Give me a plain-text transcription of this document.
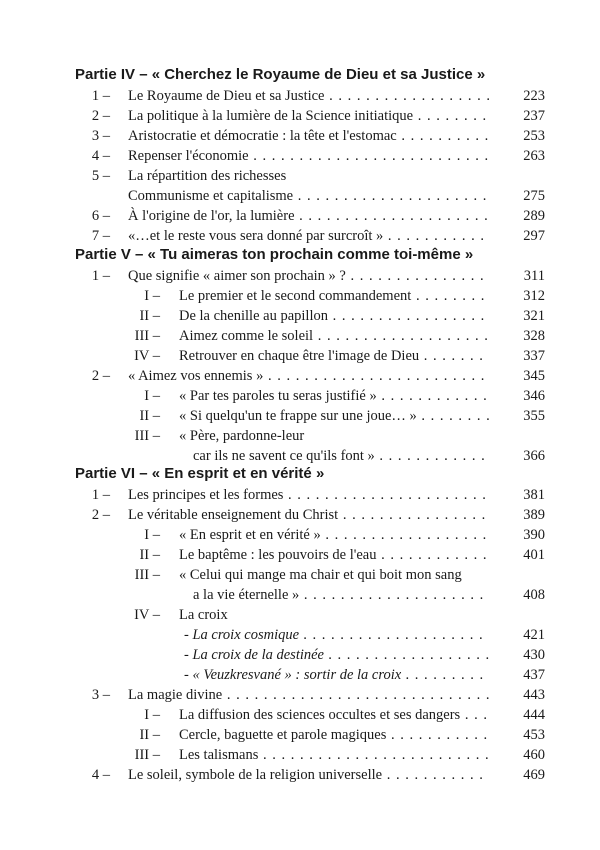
Partie IV – « Cherchez le Royaume de Dieu et sa Justice »
1 – Le Royaume de Dieu et sa Justice . . .	223
2 – La politique à la lumière de la Science initiatique . . .	237
3 – Aristocratie et démocratie : la tête et l'estomac . . .	253
4 – Repenser l'économie . . .	263
5 – La répartition des richesses
Communisme et capitalisme . . .	275
6 – À l'origine de l'or, la lumière . . .	289
7 – «…et le reste vous sera donné par surcroît » . . .	297
Partie V – « Tu aimeras ton prochain comme toi-même »
1 – Que signifie « aimer son prochain » ? . . .	311
I – Le premier et le second commandement . . .	312
II – De la chenille au papillon . . .	321
III – Aimez comme le soleil . . .	328
IV – Retrouver en chaque être l'image de Dieu . . .	337
2 – « Aimez vos ennemis » . . .	345
I – « Par tes paroles tu seras justifié » . . .	346
II – « Si quelqu'un te frappe sur une joue… » . . .	355
III – « Père, pardonne-leur
car ils ne savent ce qu'ils font » . . .	366
Partie VI – « En esprit et en vérité »
1 – Les principes et les formes . . .	381
2 – Le véritable enseignement du Christ . . .	389
I – « En esprit et en vérité » . . .	390
II – Le baptême : les pouvoirs de l'eau . . .	401
III – « Celui qui mange ma chair et qui boit mon sang
a la vie éternelle » . . .	408
IV – La croix
- La croix cosmique . . .	421
- La croix de la destinée . . .	430
- « Veuzkresvané » : sortir de la croix . . .	437
3 – La magie divine . . .	443
I – La diffusion des sciences occultes et ses dangers . . .	444
II – Cercle, baguette et parole magiques . . .	453
III – Les talismans . . .	460
4 – Le soleil, symbole de la religion universelle . . .	469
